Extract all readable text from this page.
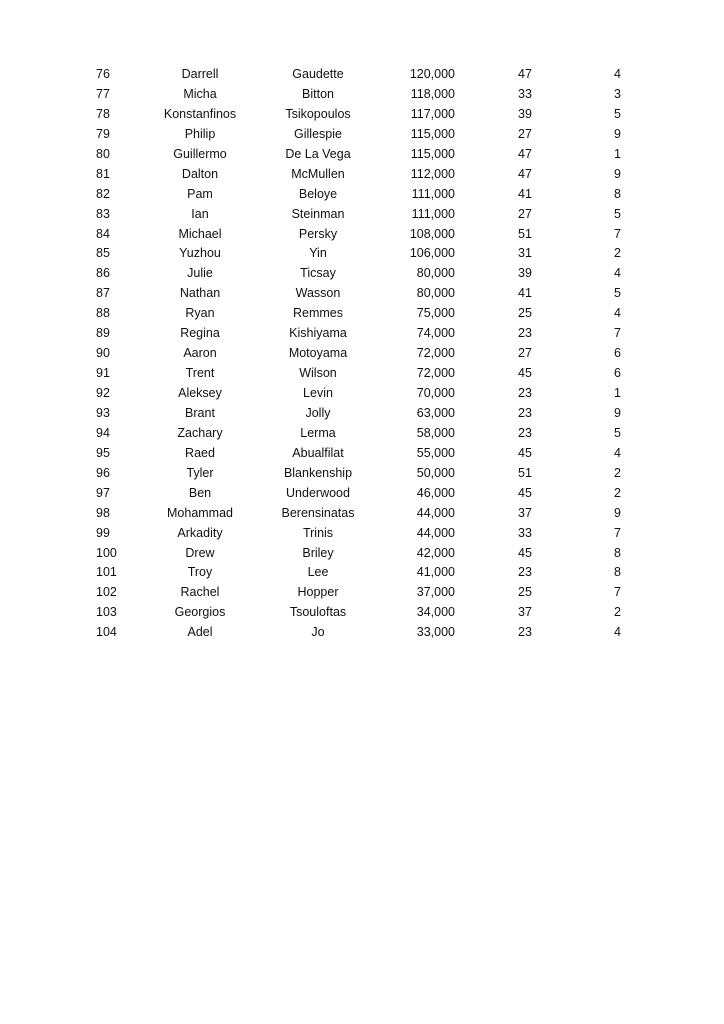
76	Darrell	Gaudette	120,000	47	4
77	Micha	Bitton	118,000	33	3
78	Konstanfinos	Tsikopoulos	117,000	39	5
79	Philip	Gillespie	115,000	27	9
80	Guillermo	De La Vega	115,000	47	1
81	Dalton	McMullen	112,000	47	9
82	Pam	Beloye	111,000	41	8
83	Ian	Steinman	111,000	27	5
84	Michael	Persky	108,000	51	7
85	Yuzhou	Yin	106,000	31	2
86	Julie	Ticsay	80,000	39	4
87	Nathan	Wasson	80,000	41	5
88	Ryan	Remmes	75,000	25	4
89	Regina	Kishiyama	74,000	23	7
90	Aaron	Motoyama	72,000	27	6
91	Trent	Wilson	72,000	45	6
92	Aleksey	Levin	70,000	23	1
93	Brant	Jolly	63,000	23	9
94	Zachary	Lerma	58,000	23	5
95	Raed	Abualfilat	55,000	45	4
96	Tyler	Blankenship	50,000	51	2
97	Ben	Underwood	46,000	45	2
98	Mohammad	Berensinatas	44,000	37	9
99	Arkadity	Trinis	44,000	33	7
100	Drew	Briley	42,000	45	8
101	Troy	Lee	41,000	23	8
102	Rachel	Hopper	37,000	25	7
103	Georgios	Tsouloftas	34,000	37	2
104	Adel	Jo	33,000	23	4
